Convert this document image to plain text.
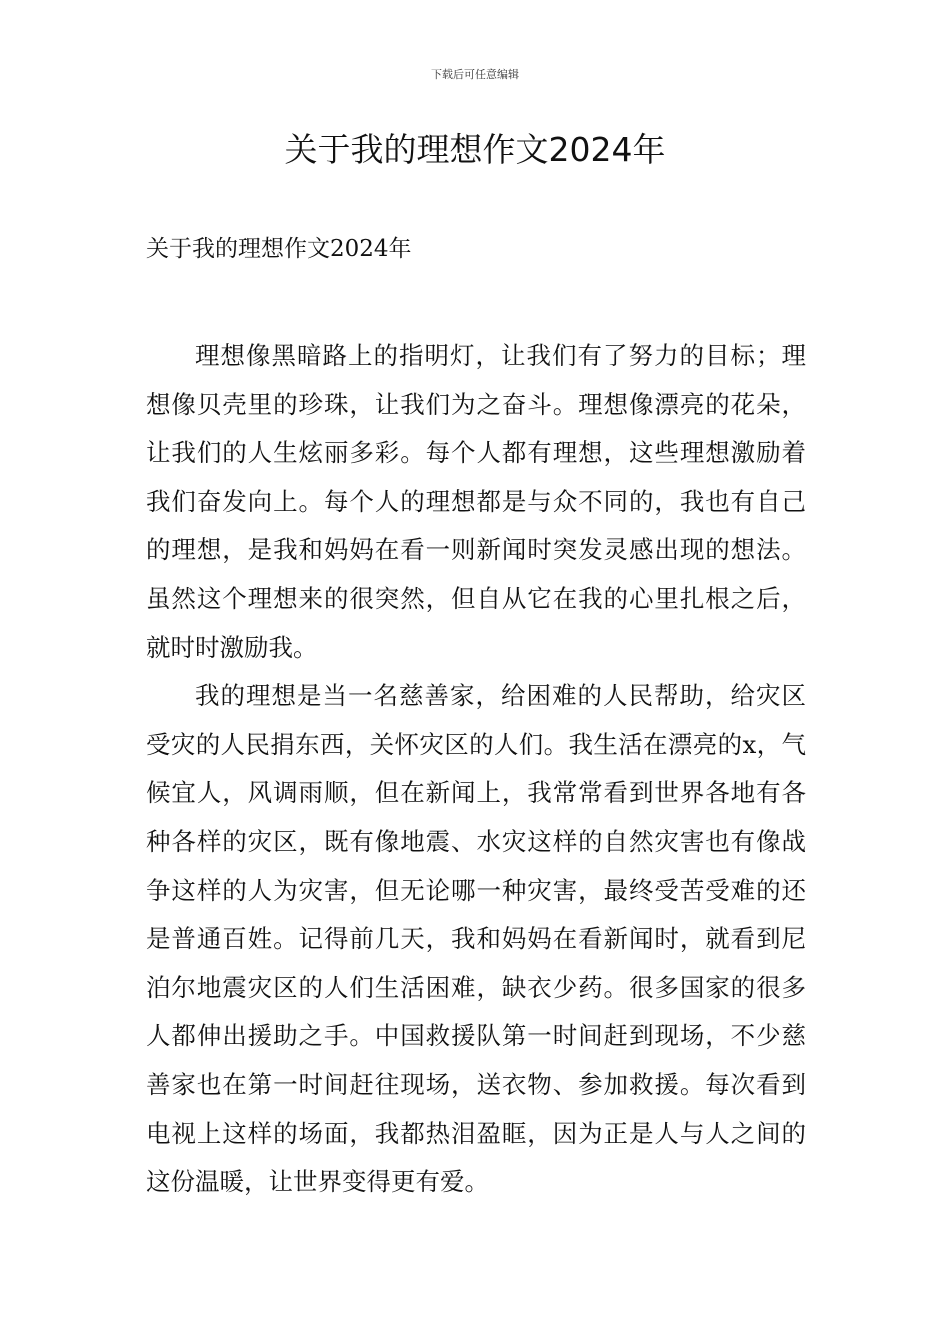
下载后可任意编辑
关于我的理想作文2024年
关于我的理想作文2024年

理想像黑暗路上的指明灯，让我们有了努力的目标；理想像贝壳里的珍珠，让我们为之奋斗。理想像漂亮的花朵，让我们的人生炫丽多彩。每个人都有理想，这些理想激励着我们奋发向上。每个人的理想都是与众不同的，我也有自己的理想，是我和妈妈在看一则新闻时突发灵感出现的想法。虽然这个理想来的很突然，但自从它在我的心里扎根之后，就时时激励我。

我的理想是当一名慈善家，给困难的人民帮助，给灾区受灾的人民捐东西，关怀灾区的人们。我生活在漂亮的x，气候宜人，风调雨顺，但在新闻上，我常常看到世界各地有各种各样的灾区，既有像地震、水灾这样的自然灾害也有像战争这样的人为灾害，但无论哪一种灾害，最终受苦受难的还是普通百姓。记得前几天，我和妈妈在看新闻时，就看到尼泊尔地震灾区的人们生活困难，缺衣少药。很多国家的很多人都伸出援助之手。中国救援队第一时间赶到现场，不少慈善家也在第一时间赶往现场，送衣物、参加救援。每次看到电视上这样的场面，我都热泪盈眶，因为正是人与人之间的这份温暖，让世界变得更有爱。
